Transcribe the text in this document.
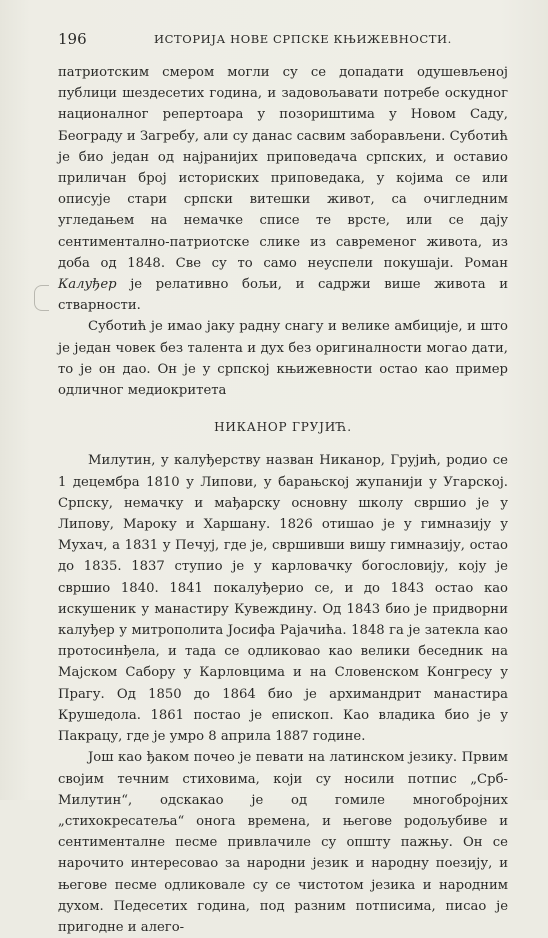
196	ИСТОРИЈА НОВЕ СРПСКЕ КЊИЖЕВНОСТИ.

патриотским смером могли су се допадати одушевљеној публици шездесетих година, и задовољавати потребе оскудног националног репертоара у позориштима у Новом Саду, Београду и Загребу, али су данас сасвим заборављени. Суботић је био један од најранијих приповедача српских, и оставио приличан број историских приповедака, у којима се или описује стари српски витешки живот, са очигледним угледањем на немачке списе те врсте, или се дају сентиментално-патриотске слике из савременог живота, из доба од 1848. Све су то само неуспели покушаји. Роман Калуђер је релативно бољи, и садржи више живота и стварности.

Суботић је имао јаку радну снагу и велике амбиције, и што је један човек без талента и дух без оригиналности могао дати, то је он дао. Он је у српској књижевности остао као пример одличног медиокритета

НИКАНОР ГРУЈИЋ.

Милутин, у калуђерству назван Никанор, Грујић, родио се 1 децембра 1810 у Липови, у барањској жупанији у Угарској. Српску, немачку и мађарску основну школу свршио је у Липову, Мароку и Харшану. 1826 отишао је у гимназију у Мухач, а 1831 у Печуј, где је, свршивши вишу гимназију, остао до 1835. 1837 ступио је у карловачку богословију, коју је свршио 1840. 1841 покалуђерио се, и до 1843 остао као искушеник у манастиру Кувеждину. Од 1843 био је придворни калуђер у митрополита Јосифа Рајачића. 1848 га је затекла као протосинђела, и тада се одликовао као велики беседник на Мајском Сабору у Карловцима и на Словенском Конгресу у Прагу. Од 1850 до 1864 био је архимандрит манастира Крушедола. 1861 постао је епископ. Као владика био је у Пакрацу, где је умро 8 априла 1887 године.

Још као ђаком почео је певати на латинском језику. Првим својим течним стиховима, који су носили потпис „Срб-Милутин“, одскакао је од гомиле многобројних „стихокресатеља“ онога времена, и његове родољубиве и сентименталне песме привлачиле су општу пажњу. Он се нарочито интересовао за народни језик и народну поезију, и његове песме одликовале су се чистотом језика и народним духом. Педесетих година, под разним потписима, писао је пригодне и алего-
